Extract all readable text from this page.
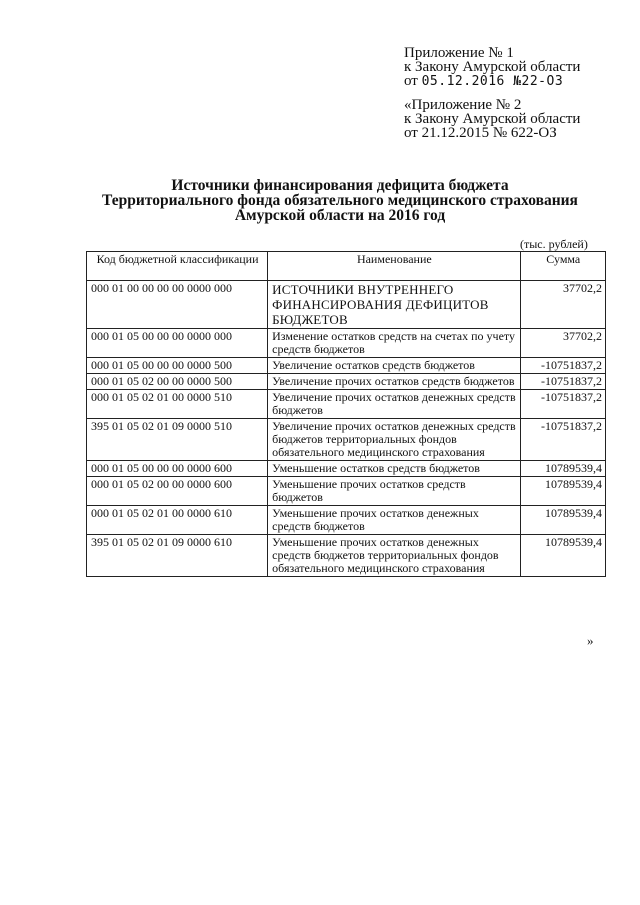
Приложение № 1
к Закону Амурской области
от 05.12.2016 №22-ОЗ
«Приложение № 2
к Закону Амурской области
от 21.12.2015 № 622-ОЗ
Источники финансирования дефицита бюджета
Территориального фонда обязательного медицинского страхования
Амурской области на 2016 год
(тыс. рублей)
Код бюджетной классификации	Наименование	Сумма
000 01 00 00 00 00 0000 000	ИСТОЧНИКИ ВНУТРЕННЕГО ФИНАНСИРОВАНИЯ ДЕФИЦИТОВ БЮДЖЕТОВ	37702,2
000 01 05 00 00 00 0000 000	Изменение остатков средств на счетах по учету средств бюджетов	37702,2
000 01 05 00 00 00 0000 500	Увеличение остатков средств бюджетов	-10751837,2
000 01 05 02 00 00 0000 500	Увеличение прочих остатков средств бюджетов	-10751837,2
000 01 05 02 01 00 0000 510	Увеличение прочих остатков денежных средств бюджетов	-10751837,2
395 01 05 02 01 09 0000 510	Увеличение прочих остатков денежных средств бюджетов территориальных фондов обязательного медицинского страхования	-10751837,2
000 01 05 00 00 00 0000 600	Уменьшение остатков средств бюджетов	10789539,4
000 01 05 02 00 00 0000 600	Уменьшение прочих остатков средств бюджетов	10789539,4
000 01 05 02 01 00 0000 610	Уменьшение прочих остатков денежных средств бюджетов	10789539,4
395 01 05 02 01 09 0000 610	Уменьшение прочих остатков денежных средств бюджетов территориальных фондов обязательного медицинского страхования	10789539,4
»
